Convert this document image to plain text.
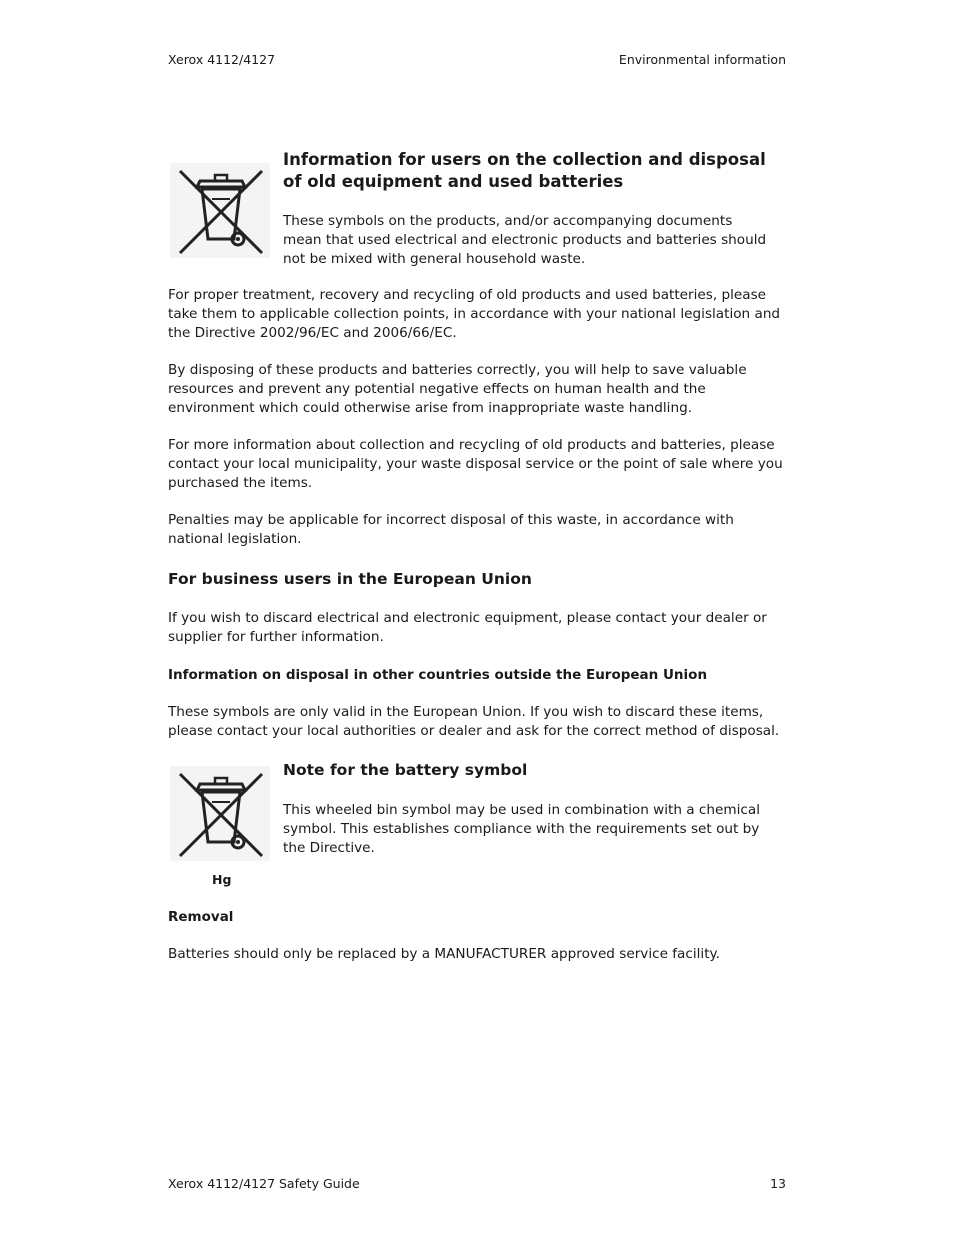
Xerox 4112/4127	Environmental information

Information for users on the collection and disposal of old equipment and used batteries

These symbols on the products, and/or accompanying documents mean that used electrical and electronic products and batteries should not be mixed with general household waste.

For proper treatment, recovery and recycling of old products and used batteries, please take them to applicable collection points, in accordance with your national legislation and the Directive 2002/96/EC and 2006/66/EC.

By disposing of these products and batteries correctly, you will help to save valuable resources and prevent any potential negative effects on human health and the environment which could otherwise arise from inappropriate waste handling.

For more information about collection and recycling of old products and batteries, please contact your local municipality, your waste disposal service or the point of sale where you purchased the items.

Penalties may be applicable for incorrect disposal of this waste, in accordance with national legislation.

For business users in the European Union

If you wish to discard electrical and electronic equipment, please contact your dealer or supplier for further information.

Information on disposal in other countries outside the European Union

These symbols are only valid in the European Union. If you wish to discard these items, please contact your local authorities or dealer and ask for the correct method of disposal.

Hg

Note for the battery symbol

This wheeled bin symbol may be used in combination with a chemical symbol. This establishes compliance with the requirements set out by the Directive.

Removal

Batteries should only be replaced by a MANUFACTURER approved service facility.

Xerox 4112/4127 Safety Guide	13
